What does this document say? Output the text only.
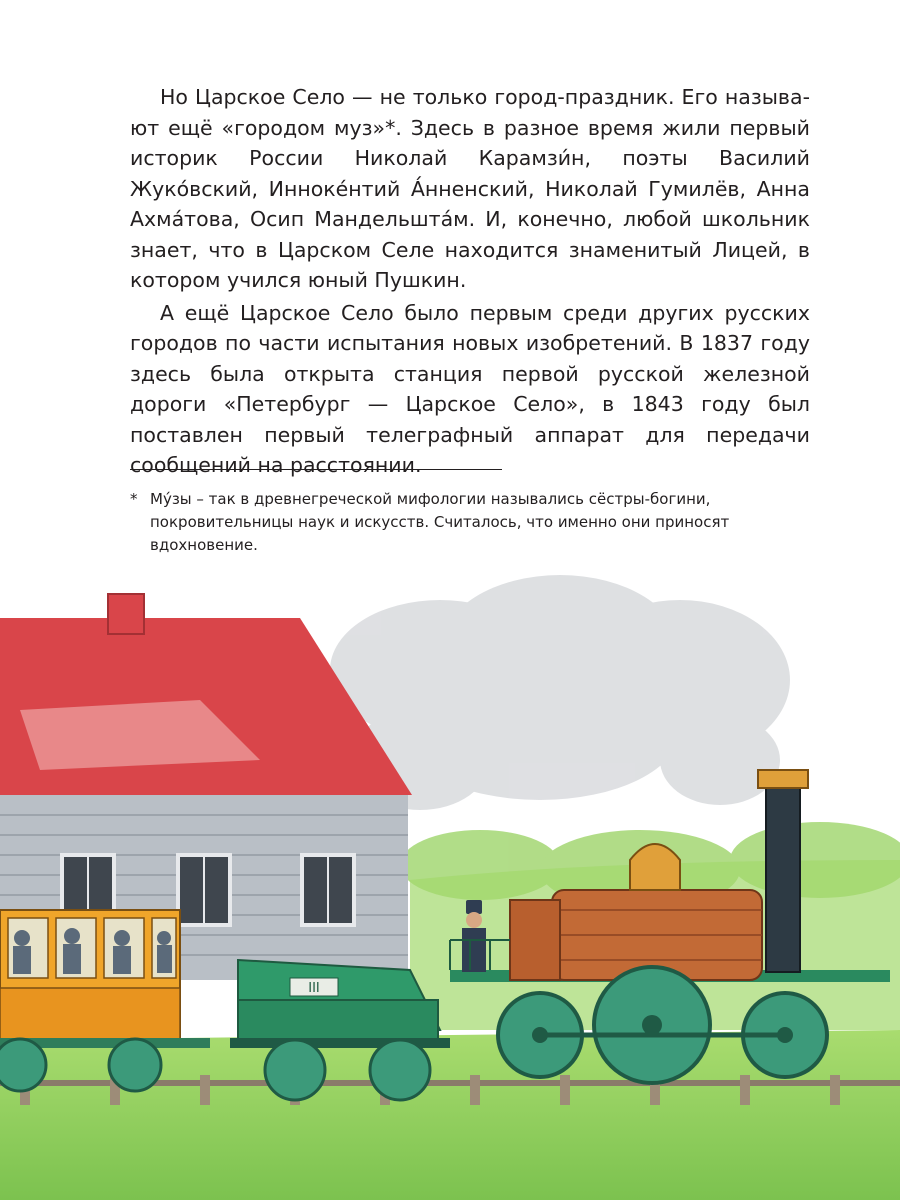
Но Царское Село — не только город-праздник. Его называют ещё «городом муз»*. Здесь в разное время жили первый историк России Николай Карамзи́н, поэты Василий Жуко́вский, Инноке́нтий А́нненский, Николай Гумилёв, Анна Ахма́това, Осип Мандельшта́м. И, конечно, любой школьник знает, что в Царском Селе находится знаменитый Лицей, в котором учился юный Пушкин.

А ещё Царское Село было первым среди других русских городов по части испытания новых изобретений. В 1837 году здесь была открыта станция первой русской железной дороги «Петербург — Царское Село», в 1843 году был поставлен первый телеграфный аппарат для передачи сообщений на расстоянии.

* Му́зы – так в древнегреческой мифологии назывались сёстры-богини, покровительницы наук и искусств. Считалось, что именно они приносят вдохновение.

III
